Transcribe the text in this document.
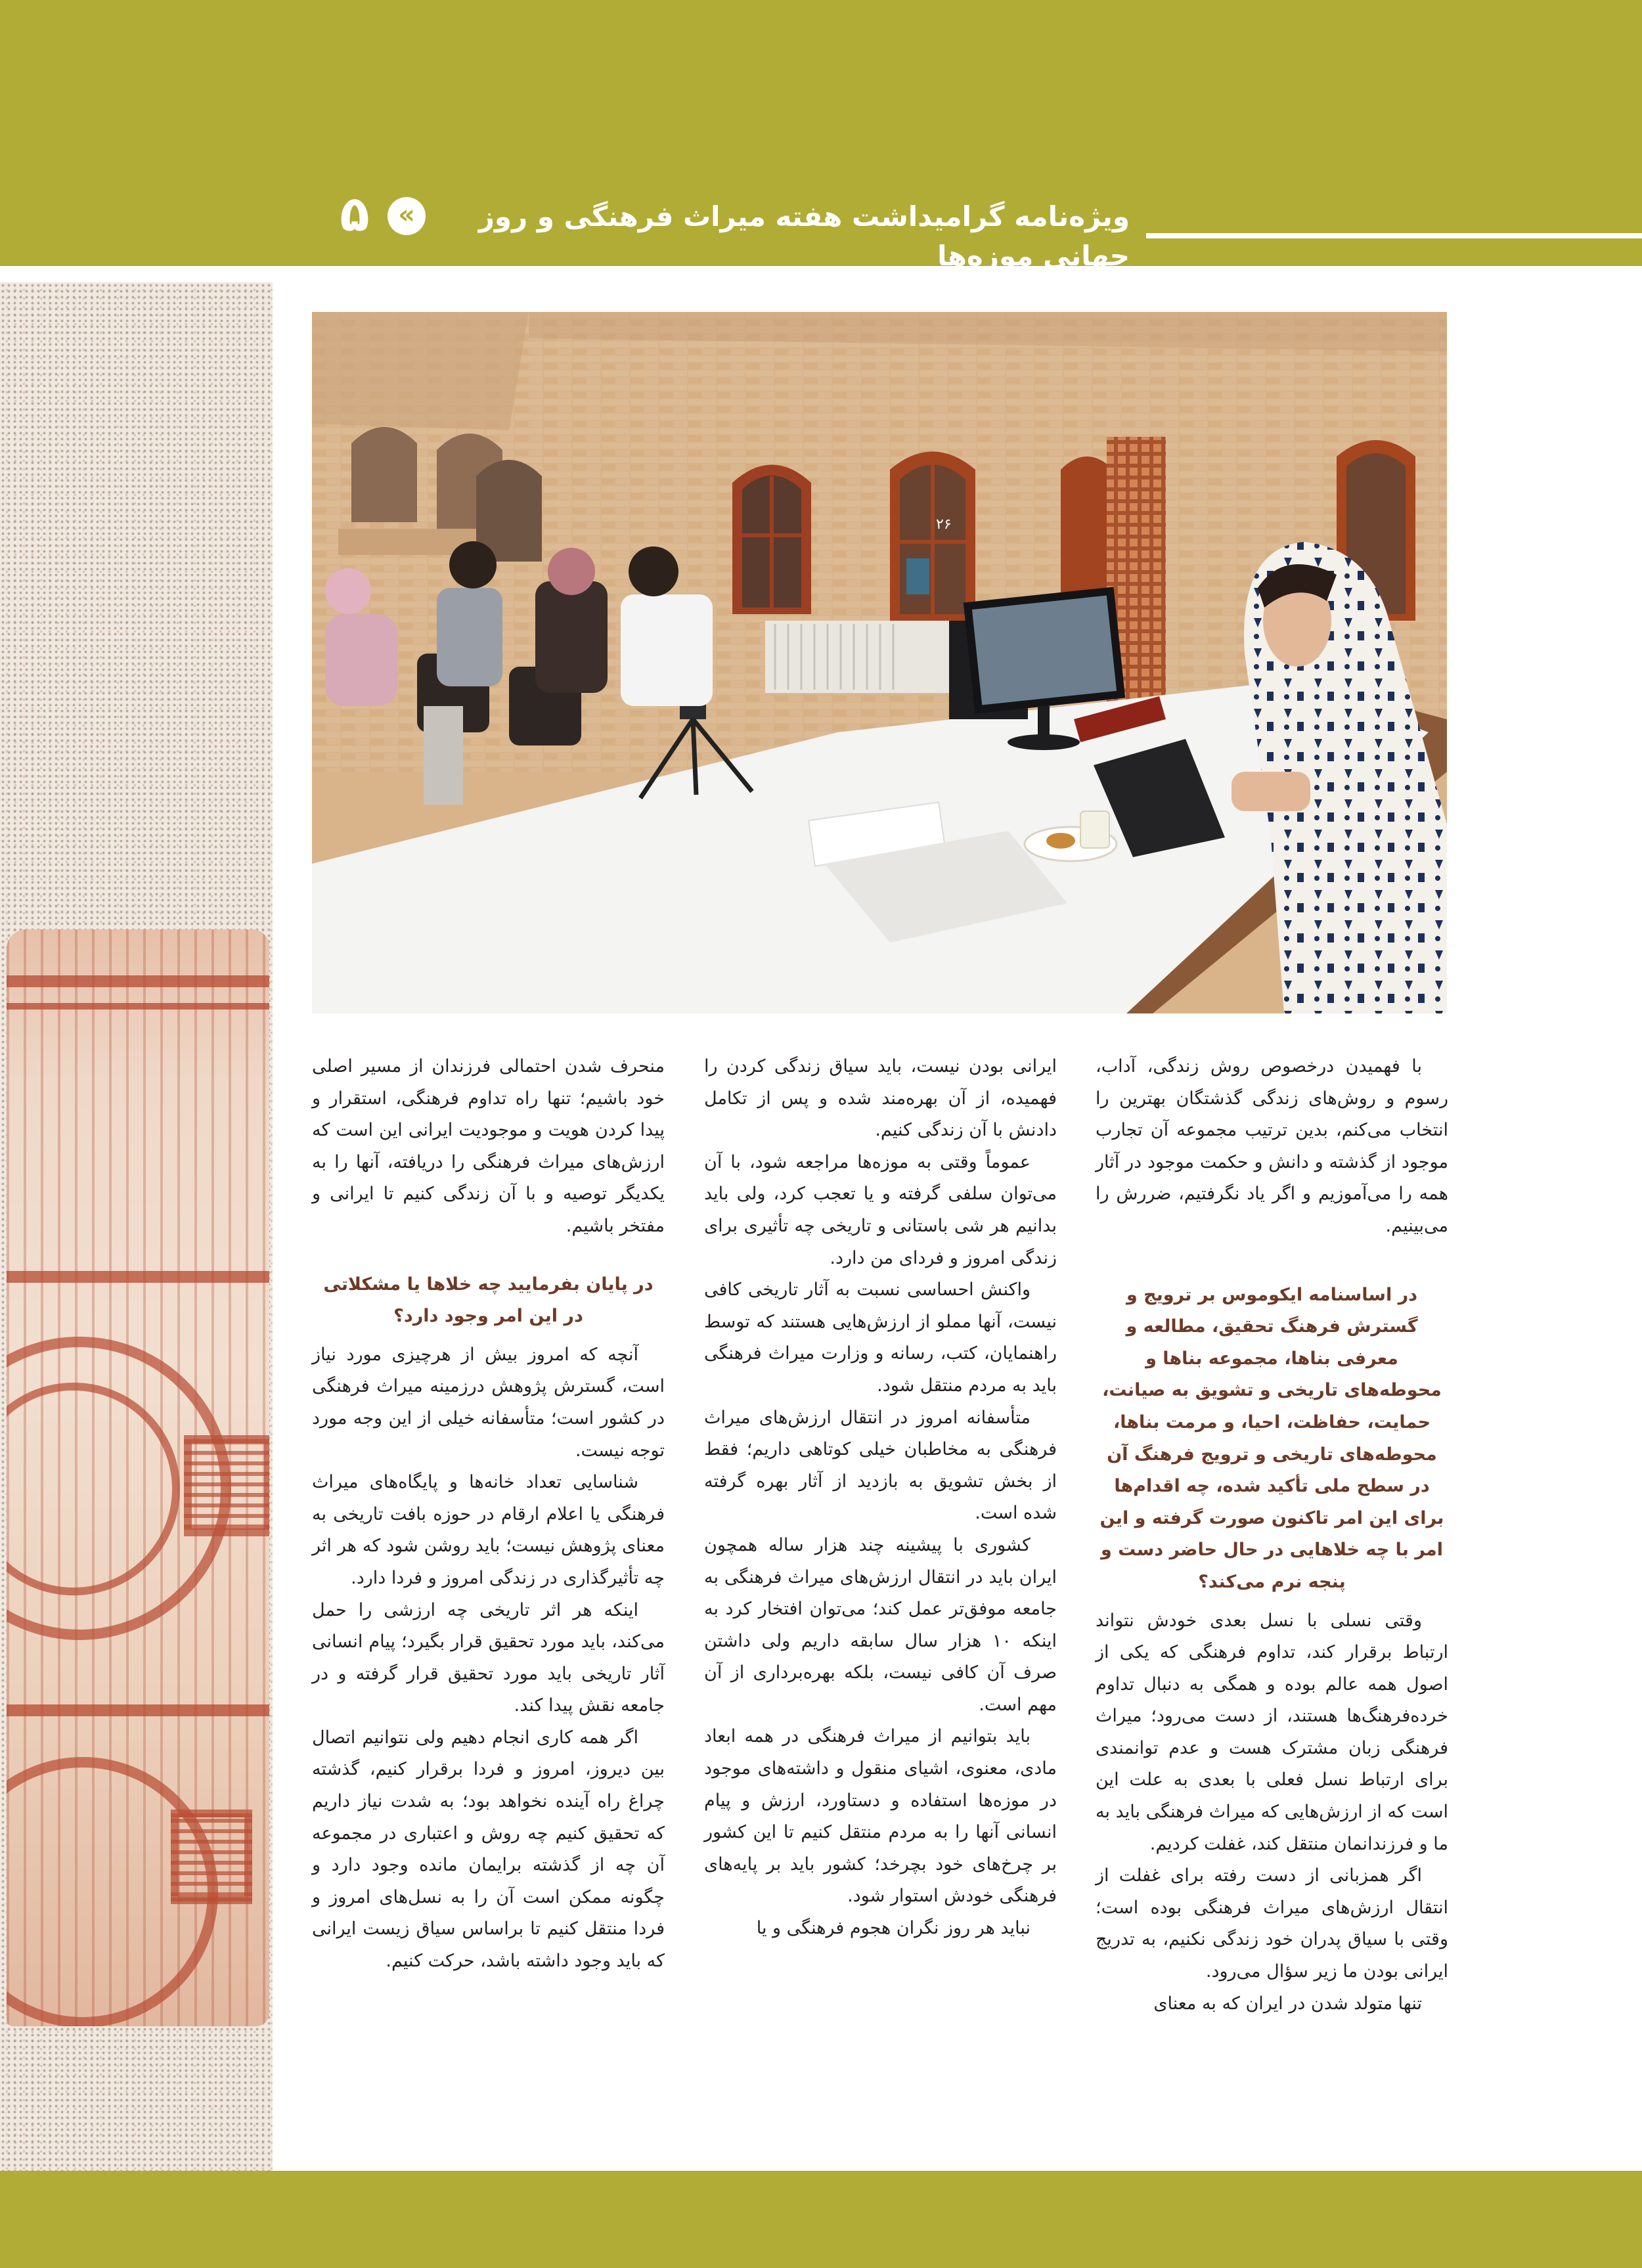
ویژه‌نامه گرامیداشت هفته میراث فرهنگی و روز جهانی موزه‌ها
«
۵
۲۶

با فهمیدن درخصوص روش زندگی، آداب، رسوم و روش‌های زندگی گذشتگان بهترین را انتخاب می‌کنم، بدین ترتیب مجموعه آن تجارب موجود از گذشته و دانش و حکمت موجود در آثار همه را می‌آموزیم و اگر یاد نگرفتیم، ضررش را می‌بینیم.

در اساسنامه ایکوموس بر ترویج و گسترش فرهنگ تحقیق، مطالعه و معرفی بناها، مجموعه بناها و محوطه‌های تاریخی و تشویق به صیانت، حمایت، حفاظت، احیا، و مرمت بناها، محوطه‌های تاریخی و ترویج فرهنگ آن در سطح ملی تأکید شده، چه اقدام‌ها برای این امر تاکنون صورت گرفته و این امر با چه خلاهایی در حال حاضر دست و پنجه نرم می‌کند؟

وقتی نسلی با نسل بعدی خودش نتواند ارتباط برقرار کند، تداوم فرهنگی که یکی از اصول همه عالم بوده و همگی به دنبال تداوم خرده‌فرهنگ‌ها هستند، از دست می‌رود؛ میراث فرهنگی زبان مشترک هست و عدم توانمندی برای ارتباط نسل فعلی با بعدی به علت این است که از ارزش‌هایی که میراث فرهنگی باید به ما و فرزندانمان منتقل کند، غفلت کردیم.

اگر همزبانی از دست رفته برای غفلت از انتقال ارزش‌های میراث فرهنگی بوده است؛ وقتی با سیاق پدران خود زندگی نکنیم، به تدریج ایرانی بودن ما زیر سؤال می‌رود.

تنها متولد شدن در ایران که به معنای

ایرانی بودن نیست، باید سیاق زندگی کردن را فهمیده، از آن بهره‌مند شده و پس از تکامل دادنش با آن زندگی کنیم.

عموماً وقتی به موزه‌ها مراجعه شود، با آن می‌توان سلفی گرفته و یا تعجب کرد، ولی باید بدانیم هر شی باستانی و تاریخی چه تأثیری برای زندگی امروز و فردای من دارد.

واکنش احساسی نسبت به آثار تاریخی کافی نیست، آنها مملو از ارزش‌هایی هستند که توسط راهنمایان، کتب، رسانه و وزارت میراث فرهنگی باید به مردم منتقل شود.

متأسفانه امروز در انتقال ارزش‌های میراث فرهنگی به مخاطبان خیلی کوتاهی داریم؛ فقط از بخش تشویق به بازدید از آثار بهره گرفته شده است.

کشوری با پیشینه چند هزار ساله همچون ایران باید در انتقال ارزش‌های میراث فرهنگی به جامعه موفق‌تر عمل کند؛ می‌توان افتخار کرد به اینکه ۱۰ هزار سال سابقه داریم ولی داشتن صرف آن کافی نیست، بلکه بهره‌برداری از آن مهم است.

باید بتوانیم از میراث فرهنگی در همه ابعاد مادی، معنوی، اشیای منقول و داشته‌های موجود در موزه‌ها استفاده و دستاورد، ارزش و پیام انسانی آنها را به مردم منتقل کنیم تا این کشور بر چرخ‌های خود بچرخد؛ کشور باید بر پایه‌های فرهنگی خودش استوار شود.

نباید هر روز نگران هجوم فرهنگی و یا

منحرف شدن احتمالی فرزندان از مسیر اصلی خود باشیم؛ تنها راه تداوم فرهنگی، استقرار و پیدا کردن هویت و موجودیت ایرانی این است که ارزش‌های میراث فرهنگی را دریافته، آنها را به یکدیگر توصیه و با آن زندگی کنیم تا ایرانی و مفتخر باشیم.

در پایان بفرمایید چه خلاها یا مشکلاتی در این امر وجود دارد؟

آنچه که امروز بیش از هرچیزی مورد نیاز است، گسترش پژوهش درزمینه میراث فرهنگی در کشور است؛ متأسفانه خیلی از این وجه مورد توجه نیست.

شناسایی تعداد خانه‌ها و پایگاه‌های میراث فرهنگی یا اعلام ارقام در حوزه بافت تاریخی به معنای پژوهش نیست؛ باید روشن شود که هر اثر چه تأثیرگذاری در زندگی امروز و فردا دارد.

اینکه هر اثر تاریخی چه ارزشی را حمل می‌کند، باید مورد تحقیق قرار بگیرد؛ پیام انسانی آثار تاریخی باید مورد تحقیق قرار گرفته و در جامعه نقش پیدا کند.

اگر همه کاری انجام دهیم ولی نتوانیم اتصال بین دیروز، امروز و فردا برقرار کنیم، گذشته چراغ راه آینده نخواهد بود؛ به شدت نیاز داریم که تحقیق کنیم چه روش و اعتباری در مجموعه آن چه از گذشته برایمان مانده وجود دارد و چگونه ممکن است آن را به نسل‌های امروز و فردا منتقل کنیم تا براساس سیاق زیست ایرانی که باید وجود داشته باشد، حرکت کنیم.
